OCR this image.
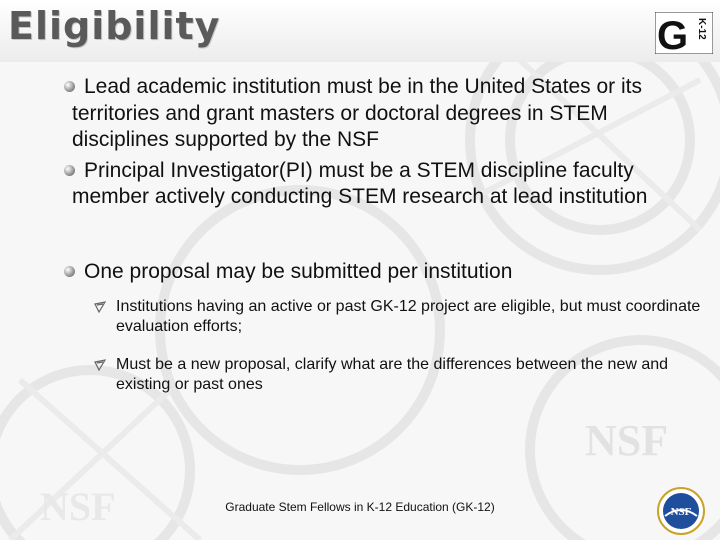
NSF
NSF
Eligibility	G K-12
Lead academic institution must be in the United States or its territories and grant masters or doctoral degrees in STEM disciplines supported by the NSF
Principal Investigator(PI) must be a STEM discipline faculty member actively conducting STEM research at lead institution
One proposal may be submitted per institution
Institutions having an active or past GK-12 project are eligible, but must coordinate evaluation efforts;
Must be a new proposal, clarify what are the differences between the new and existing or past ones
Graduate Stem Fellows in K-12 Education (GK-12)	NSF
